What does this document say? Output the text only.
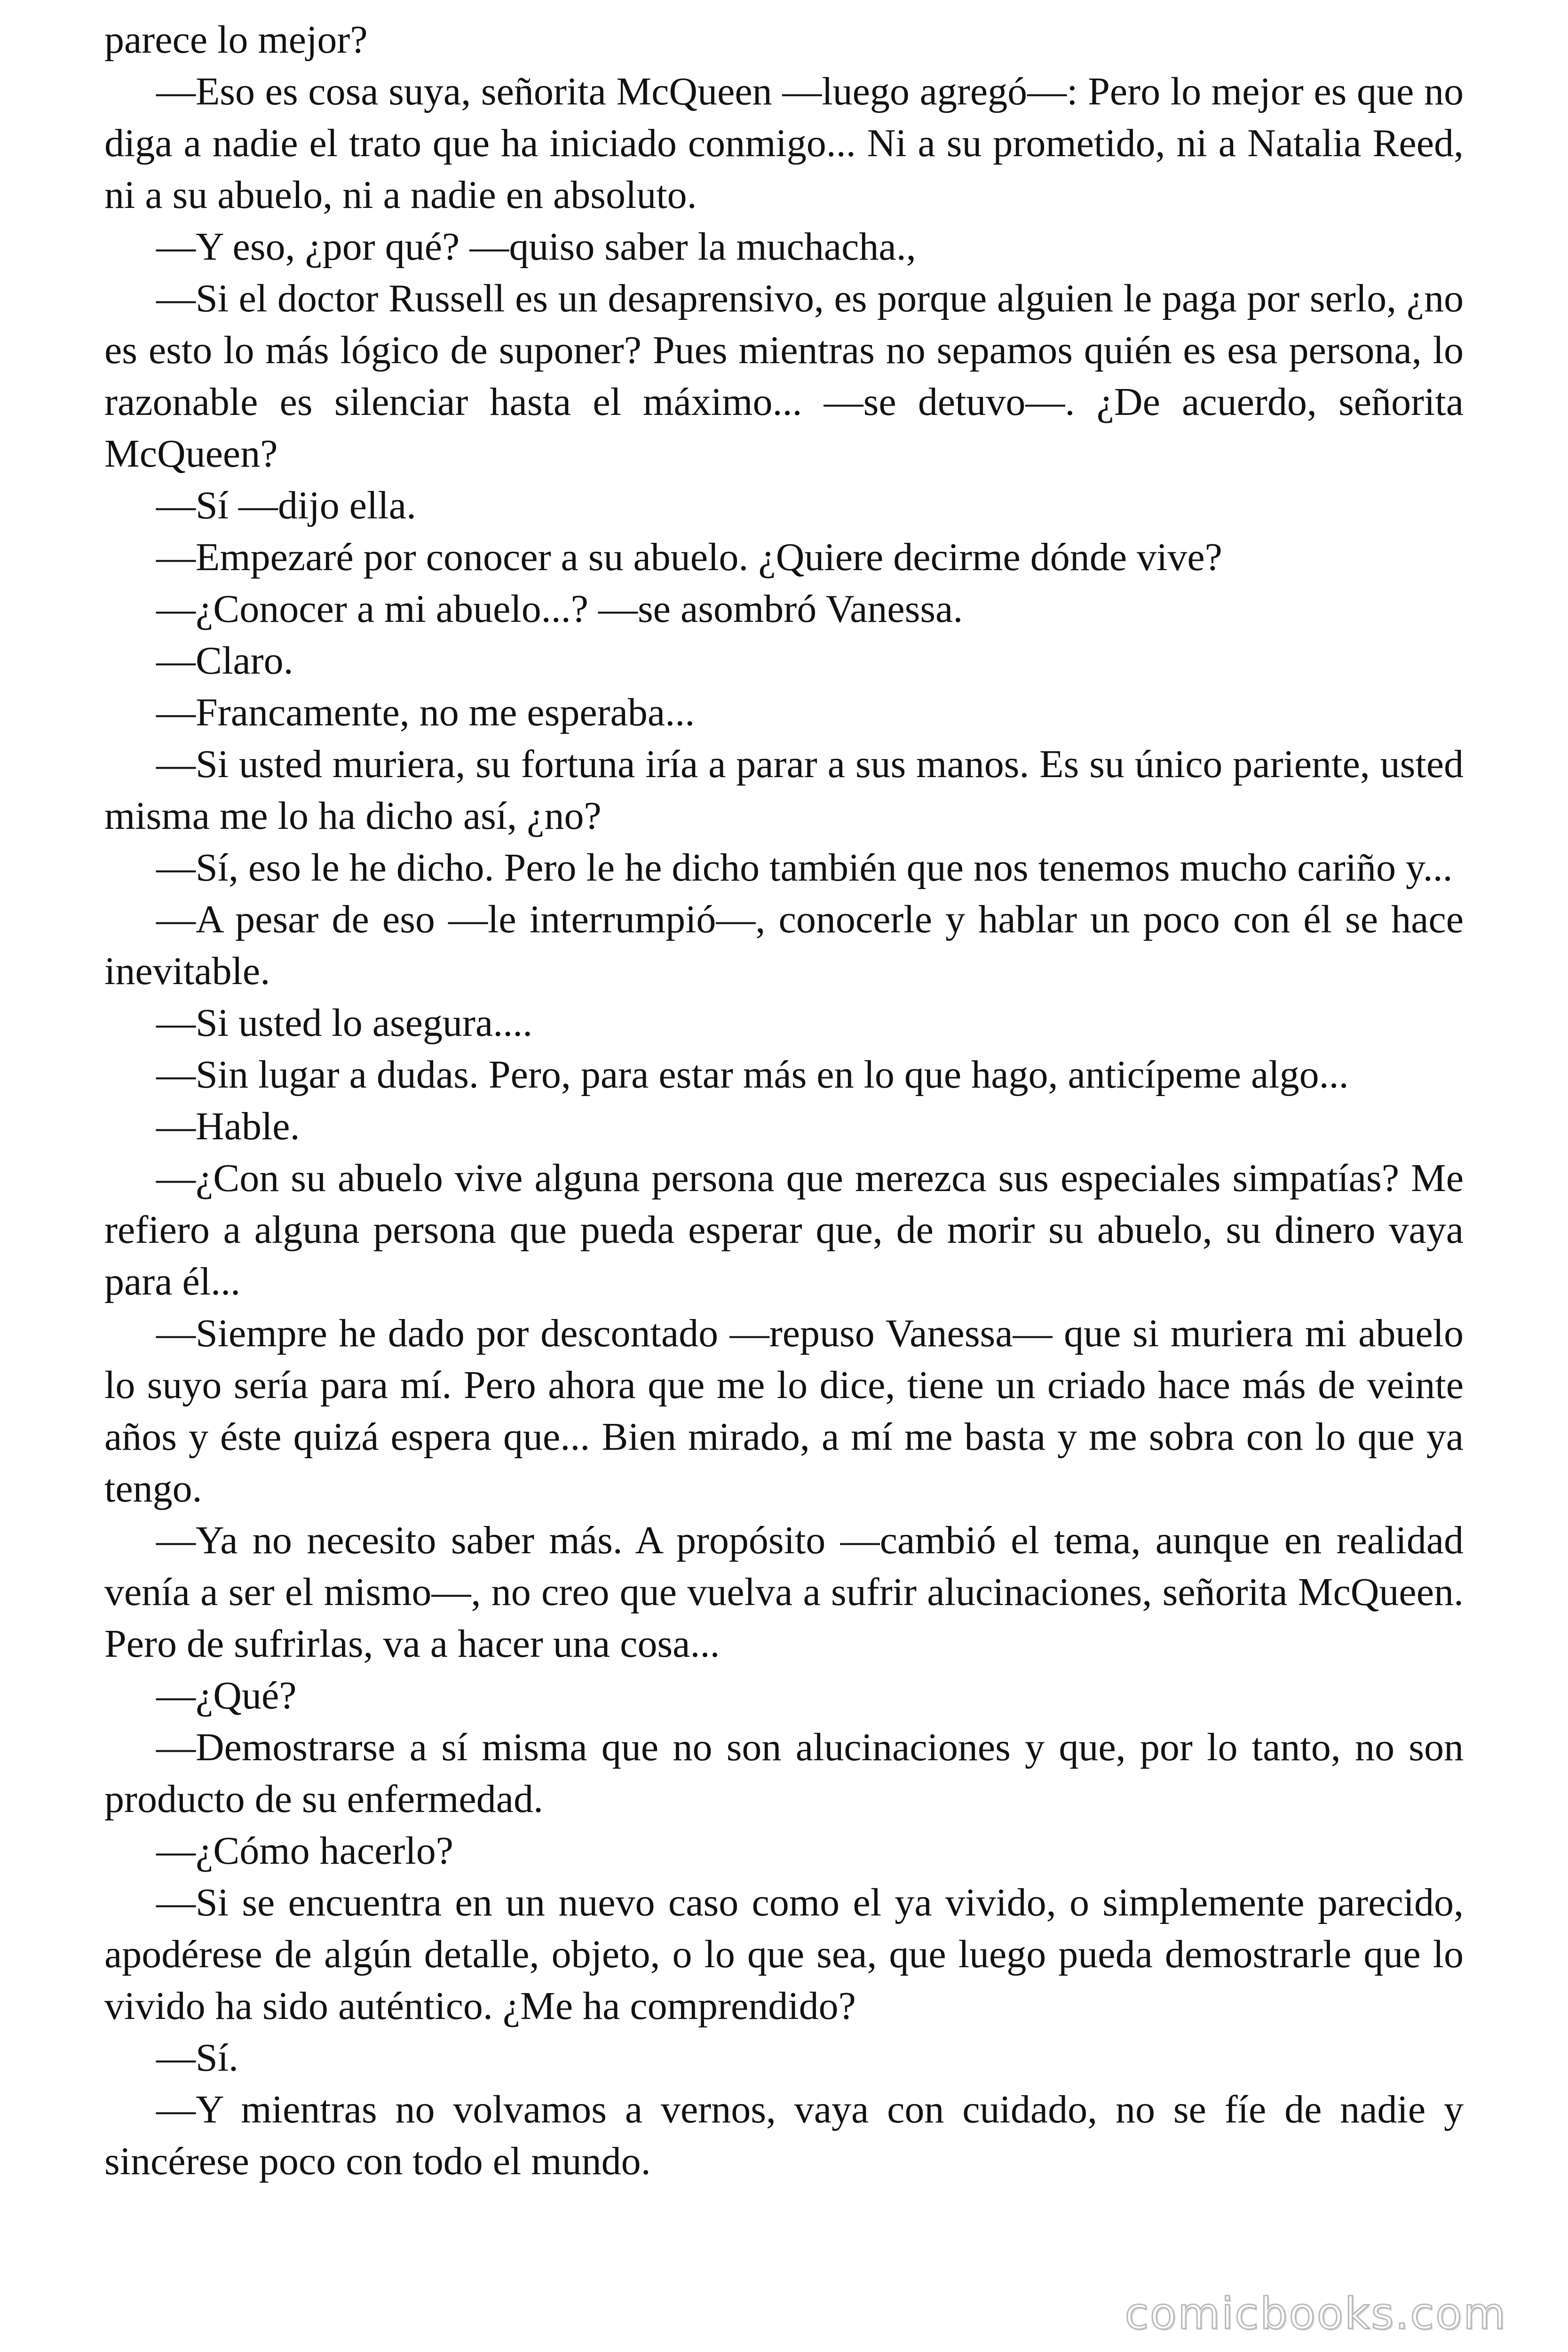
parece lo mejor?

—Eso es cosa suya, señorita McQueen —luego agregó—: Pero lo mejor es que no diga a nadie el trato que ha iniciado conmigo... Ni a su prometido, ni a Natalia Reed, ni a su abuelo, ni a nadie en absoluto.

—Y eso, ¿por qué? —quiso saber la muchacha.,

—Si el doctor Russell es un desaprensivo, es porque alguien le paga por serlo, ¿no es esto lo más lógico de suponer? Pues mientras no sepamos quién es esa persona, lo razonable es silenciar hasta el máximo... —se detuvo—. ¿De acuerdo, señorita McQueen?

—Sí —dijo ella.

—Empezaré por conocer a su abuelo. ¿Quiere decirme dónde vive?

—¿Conocer a mi abuelo...? —se asombró Vanessa.

—Claro.

—Francamente, no me esperaba...

—Si usted muriera, su fortuna iría a parar a sus manos. Es su único pariente, usted misma me lo ha dicho así, ¿no?

—Sí, eso le he dicho. Pero le he dicho también que nos tenemos mucho cariño y...

—A pesar de eso —le interrumpió—, conocerle y hablar un poco con él se hace inevitable.

—Si usted lo asegura....

—Sin lugar a dudas. Pero, para estar más en lo que hago, anticípeme algo...

—Hable.

—¿Con su abuelo vive alguna persona que merezca sus especiales simpatías? Me refiero a alguna persona que pueda esperar que, de morir su abuelo, su dinero vaya para él...

—Siempre he dado por descontado —repuso Vanessa— que si muriera mi abuelo lo suyo sería para mí. Pero ahora que me lo dice, tiene un criado hace más de veinte años y éste quizá espera que... Bien mirado, a mí me basta y me sobra con lo que ya tengo.

—Ya no necesito saber más. A propósito —cambió el tema, aunque en realidad venía a ser el mismo—, no creo que vuelva a sufrir alucinaciones, señorita McQueen. Pero de sufrirlas, va a hacer una cosa...

—¿Qué?

—Demostrarse a sí misma que no son alucinaciones y que, por lo tanto, no son producto de su enfermedad.

—¿Cómo hacerlo?

—Si se encuentra en un nuevo caso como el ya vivido, o simplemente parecido, apodérese de algún detalle, objeto, o lo que sea, que luego pueda demostrarle que lo vivido ha sido auténtico. ¿Me ha comprendido?

—Sí.

—Y mientras no volvamos a vernos, vaya con cuidado, no se fíe de nadie y sincérese poco con todo el mundo.

comicbooks.com
